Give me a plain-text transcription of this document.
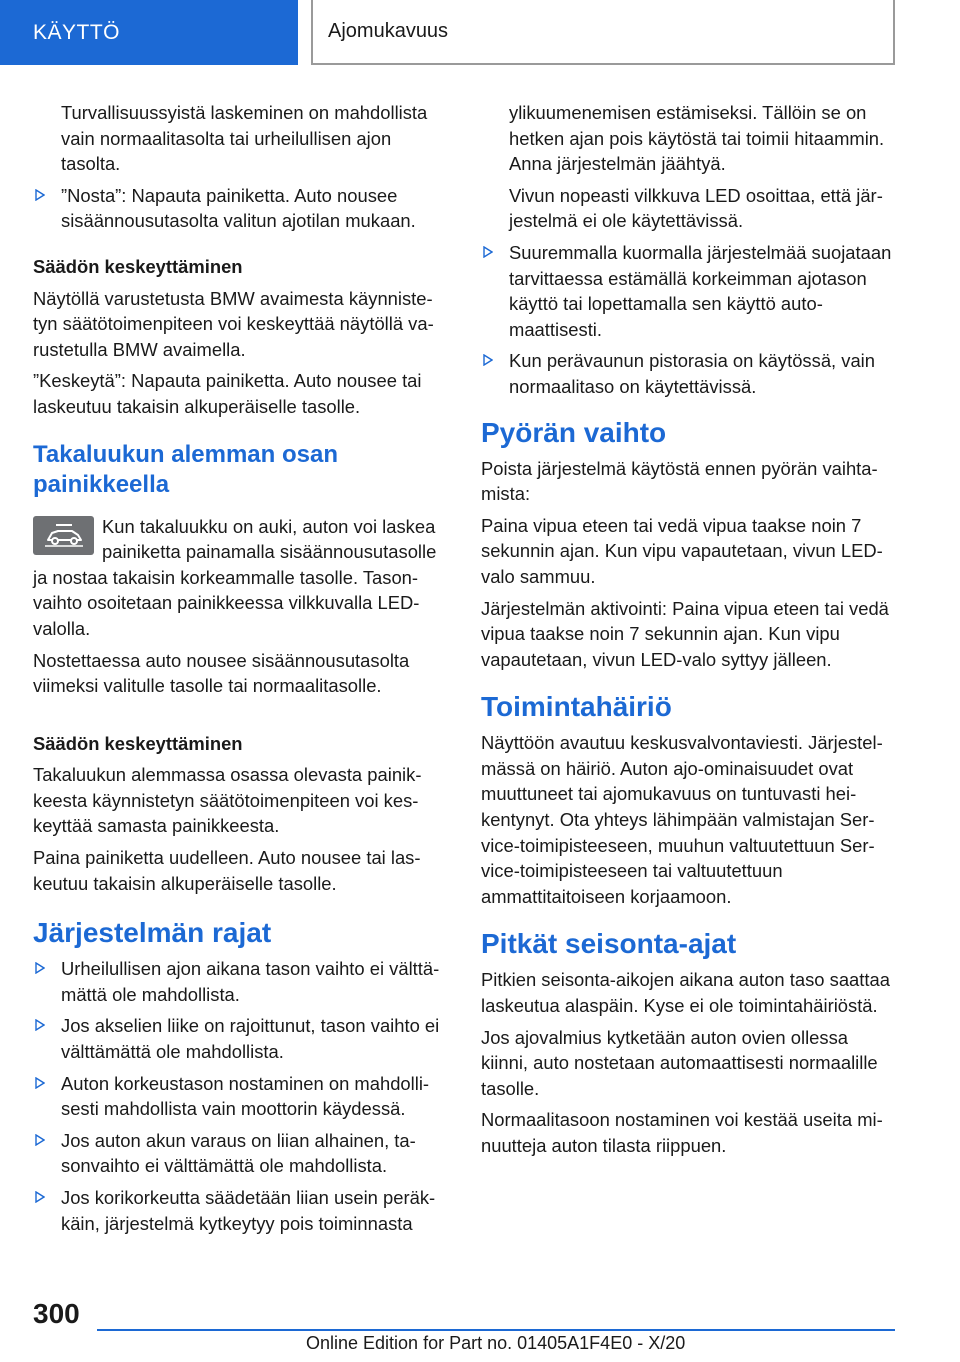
KÄYTTÖ	Ajomukavuus

Turvallisuussyistä laskeminen on mahdollista vain normaalitasolta tai urheilullisen ajon tasolta.

”Nosta”: Napauta painiketta. Auto nousee sisäännousutasolta valitun ajotilan mukaan.
Säädön keskeyttäminen

Näytöllä varustetusta BMW avaimesta käynnistetyn säätötoimenpiteen voi keskeyttää näytöllä varustetulla BMW avaimella.

”Keskeytä”: Napauta painiketta. Auto nousee tai laskeutuu takaisin alkuperäiselle tasolle.

Takaluukun alemman osan painikkeella

Kun takaluukku on auki, auton voi laskea painiketta painamalla sisäännousutasolle ja nostaa takaisin korkeammalle tasolle. Tasonvaihto osoitetaan painikkeessa vilkkuvalla LED-valolla.

Nostettaessa auto nousee sisäännousutasolta viimeksi valitulle tasolle tai normaalitasolle.

Säädön keskeyttäminen

Takaluukun alemmassa osassa olevasta painikkeesta käynnistetyn säätötoimenpiteen voi keskeyttää samasta painikkeesta.

Paina painiketta uudelleen. Auto nousee tai laskeutuu takaisin alkuperäiselle tasolle.

Järjestelmän rajat
Urheilullisen ajon aikana tason vaihto ei välttämättä ole mahdollista.
Jos akselien liike on rajoittunut, tason vaihto ei välttämättä ole mahdollista.
Auton korkeustason nostaminen on mahdollisesti mahdollista vain moottorin käydessä.
Jos auton akun varaus on liian alhainen, tasonvaihto ei välttämättä ole mahdollista.
Jos korikorkeutta säädetään liian usein peräkkäin, järjestelmä kytkeytyy pois toiminnasta

ylikuumenemisen estämiseksi. Tällöin se on hetken ajan pois käytöstä tai toimii hitaammin. Anna järjestelmän jäähtyä.

Vivun nopeasti vilkkuva LED osoittaa, että järjestelmä ei ole käytettävissä.

Suuremmalla kuormalla järjestelmää suojataan tarvittaessa estämällä korkeimman ajotason käyttö tai lopettamalla sen käyttö automaattisesti.
Kun perävaunun pistorasia on käytössä, vain normaalitaso on käytettävissä.
Pyörän vaihto

Poista järjestelmä käytöstä ennen pyörän vaihtamista:

Paina vipua eteen tai vedä vipua taakse noin 7 sekunnin ajan. Kun vipu vapautetaan, vivun LED-valo sammuu.

Järjestelmän aktivointi: Paina vipua eteen tai vedä vipua taakse noin 7 sekunnin ajan. Kun vipu vapautetaan, vivun LED-valo syttyy jälleen.

Toimintahäiriö

Näyttöön avautuu keskusvalvontaviesti. Järjestelmässä on häiriö. Auton ajo-ominaisuudet ovat muuttuneet tai ajomukavuus on tuntuvasti heikentynyt. Ota yhteys lähimpään valmistajan Service-toimipisteeseen, muuhun valtuutettuun Service-toimipisteeseen tai valtuutettuun ammattitaitoiseen korjaamoon.

Pitkät seisonta-ajat

Pitkien seisonta-aikojen aikana auton taso saattaa laskeutua alaspäin. Kyse ei ole toimintahäiriöstä.

Jos ajovalmius kytketään auton ovien ollessa kiinni, auto nostetaan automaattisesti normaalille tasolle.

Normaalitasoon nostaminen voi kestää useita minuutteja auton tilasta riippuen.

300
Online Edition for Part no. 01405A1F4E0 - X/20
